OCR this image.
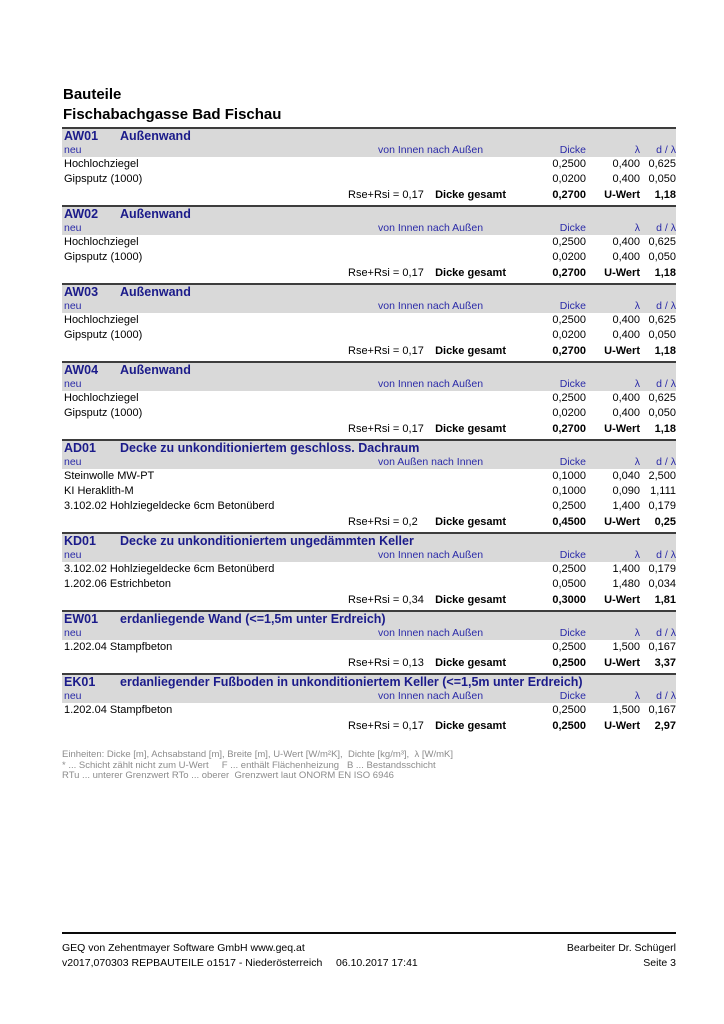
Bauteile
Fischabachgasse Bad Fischau
AW01	Außenwand
neu	Dicke	λ	d / λ
von Innen nach Außen
Hochlochziegel	0,2500	0,400 0,625
Gipsputz (1000)	0,0200	0,400 0,050
Rse+Rsi = 0,17 Dicke gesamt	0,2700	U-Wert	1,18
AW02	Außenwand
neu	Dicke	λ	d / λ
von Innen nach Außen
Hochlochziegel	0,2500	0,400 0,625
Gipsputz (1000)	0,0200	0,400 0,050
Rse+Rsi = 0,17 Dicke gesamt	0,2700	U-Wert	1,18
AW03	Außenwand
neu	Dicke	λ	d / λ
von Innen nach Außen
Hochlochziegel	0,2500	0,400 0,625
Gipsputz (1000)	0,0200	0,400 0,050
Rse+Rsi = 0,17 Dicke gesamt	0,2700	U-Wert	1,18
AW04	Außenwand
neu	Dicke	λ	d / λ
von Innen nach Außen
Hochlochziegel	0,2500	0,400 0,625
Gipsputz (1000)	0,0200	0,400 0,050
Rse+Rsi = 0,17 Dicke gesamt	0,2700	U-Wert	1,18
AD01	Decke zu unkonditioniertem geschloss. Dachraum
neu	Dicke	λ	d / λ
von Außen nach Innen
Steinwolle MW-PT	0,1000	0,040 2,500
KI Heraklith-M	0,1000	0,090 1,111
3.102.02 Hohlziegeldecke 6cm Betonüberd	0,2500	1,400 0,179
Rse+Rsi = 0,2 Dicke gesamt	0,4500	U-Wert	0,25
KD01	Decke zu unkonditioniertem ungedämmten Keller
neu	Dicke	λ	d / λ
von Innen nach Außen
3.102.02 Hohlziegeldecke 6cm Betonüberd	0,2500	1,400 0,179
1.202.06 Estrichbeton	0,0500	1,480 0,034
Rse+Rsi = 0,34 Dicke gesamt	0,3000	U-Wert	1,81
EW01	erdanliegende Wand (<=1,5m unter Erdreich)
neu	Dicke	λ	d / λ
von Innen nach Außen
1.202.04 Stampfbeton	0,2500	1,500 0,167
Rse+Rsi = 0,13 Dicke gesamt	0,2500	U-Wert	3,37
EK01	erdanliegender Fußboden in unkonditioniertem Keller (<=1,5m unter Erdreich)
neu	Dicke	λ	d / λ
von Innen nach Außen
1.202.04 Stampfbeton	0,2500	1,500 0,167
Rse+Rsi = 0,17 Dicke gesamt	0,2500	U-Wert	2,97
Einheiten: Dicke [m], Achsabstand [m], Breite [m], U-Wert [W/m²K],  Dichte [kg/m³],  λ [W/mK]
* ... Schicht zählt nicht zum U-Wert     F ... enthält Flächenheizung   B ... Bestandsschicht
RTu ... unterer Grenzwert RTo ... oberer  Grenzwert laut ONORM EN ISO 6946
GEQ von Zehentmayer Software GmbH www.geq.at	Bearbeiter Dr. Schügerl
v2017,070303 REPBAUTEILE o1517 - Niederösterreich 06.10.2017 17:41	Seite 3
